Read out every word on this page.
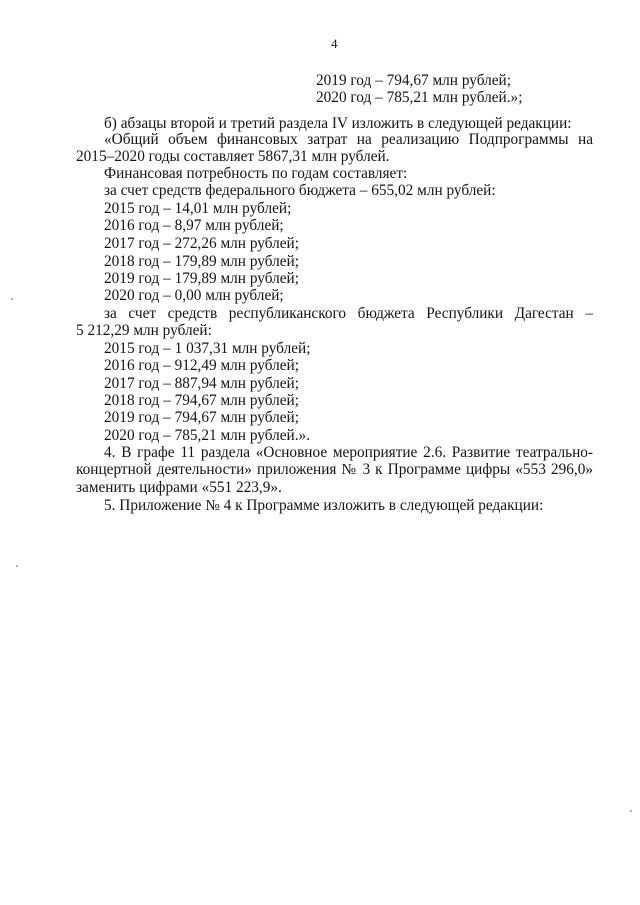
4
2019 год – 794,67 млн рублей;
2020 год – 785,21 млн рублей.»;
б) абзацы второй и третий раздела IV изложить в следующей редакции:
«Общий объем финансовых затрат на реализацию Подпрограммы на
2015–2020 годы составляет 5867,31 млн рублей.
Финансовая потребность по годам составляет:
за счет средств федерального бюджета – 655,02 млн рублей:
2015 год – 14,01 млн рублей;
2016 год – 8,97 млн рублей;
2017 год – 272,26 млн рублей;
2018 год – 179,89 млн рублей;
2019 год – 179,89 млн рублей;
2020 год – 0,00 млн рублей;
за счет средств республиканского бюджета Республики Дагестан –
5 212,29 млн рублей:
2015 год – 1 037,31 млн рублей;
2016 год – 912,49 млн рублей;
2017 год – 887,94 млн рублей;
2018 год – 794,67 млн рублей;
2019 год – 794,67 млн рублей;
2020 год – 785,21 млн рублей.».
4. В графе 11 раздела «Основное мероприятие 2.6. Развитие театрально-
концертной деятельности» приложения № 3 к Программе цифры «553 296,0»
заменить цифрами «551 223,9».
5. Приложение № 4 к Программе изложить в следующей редакции:
